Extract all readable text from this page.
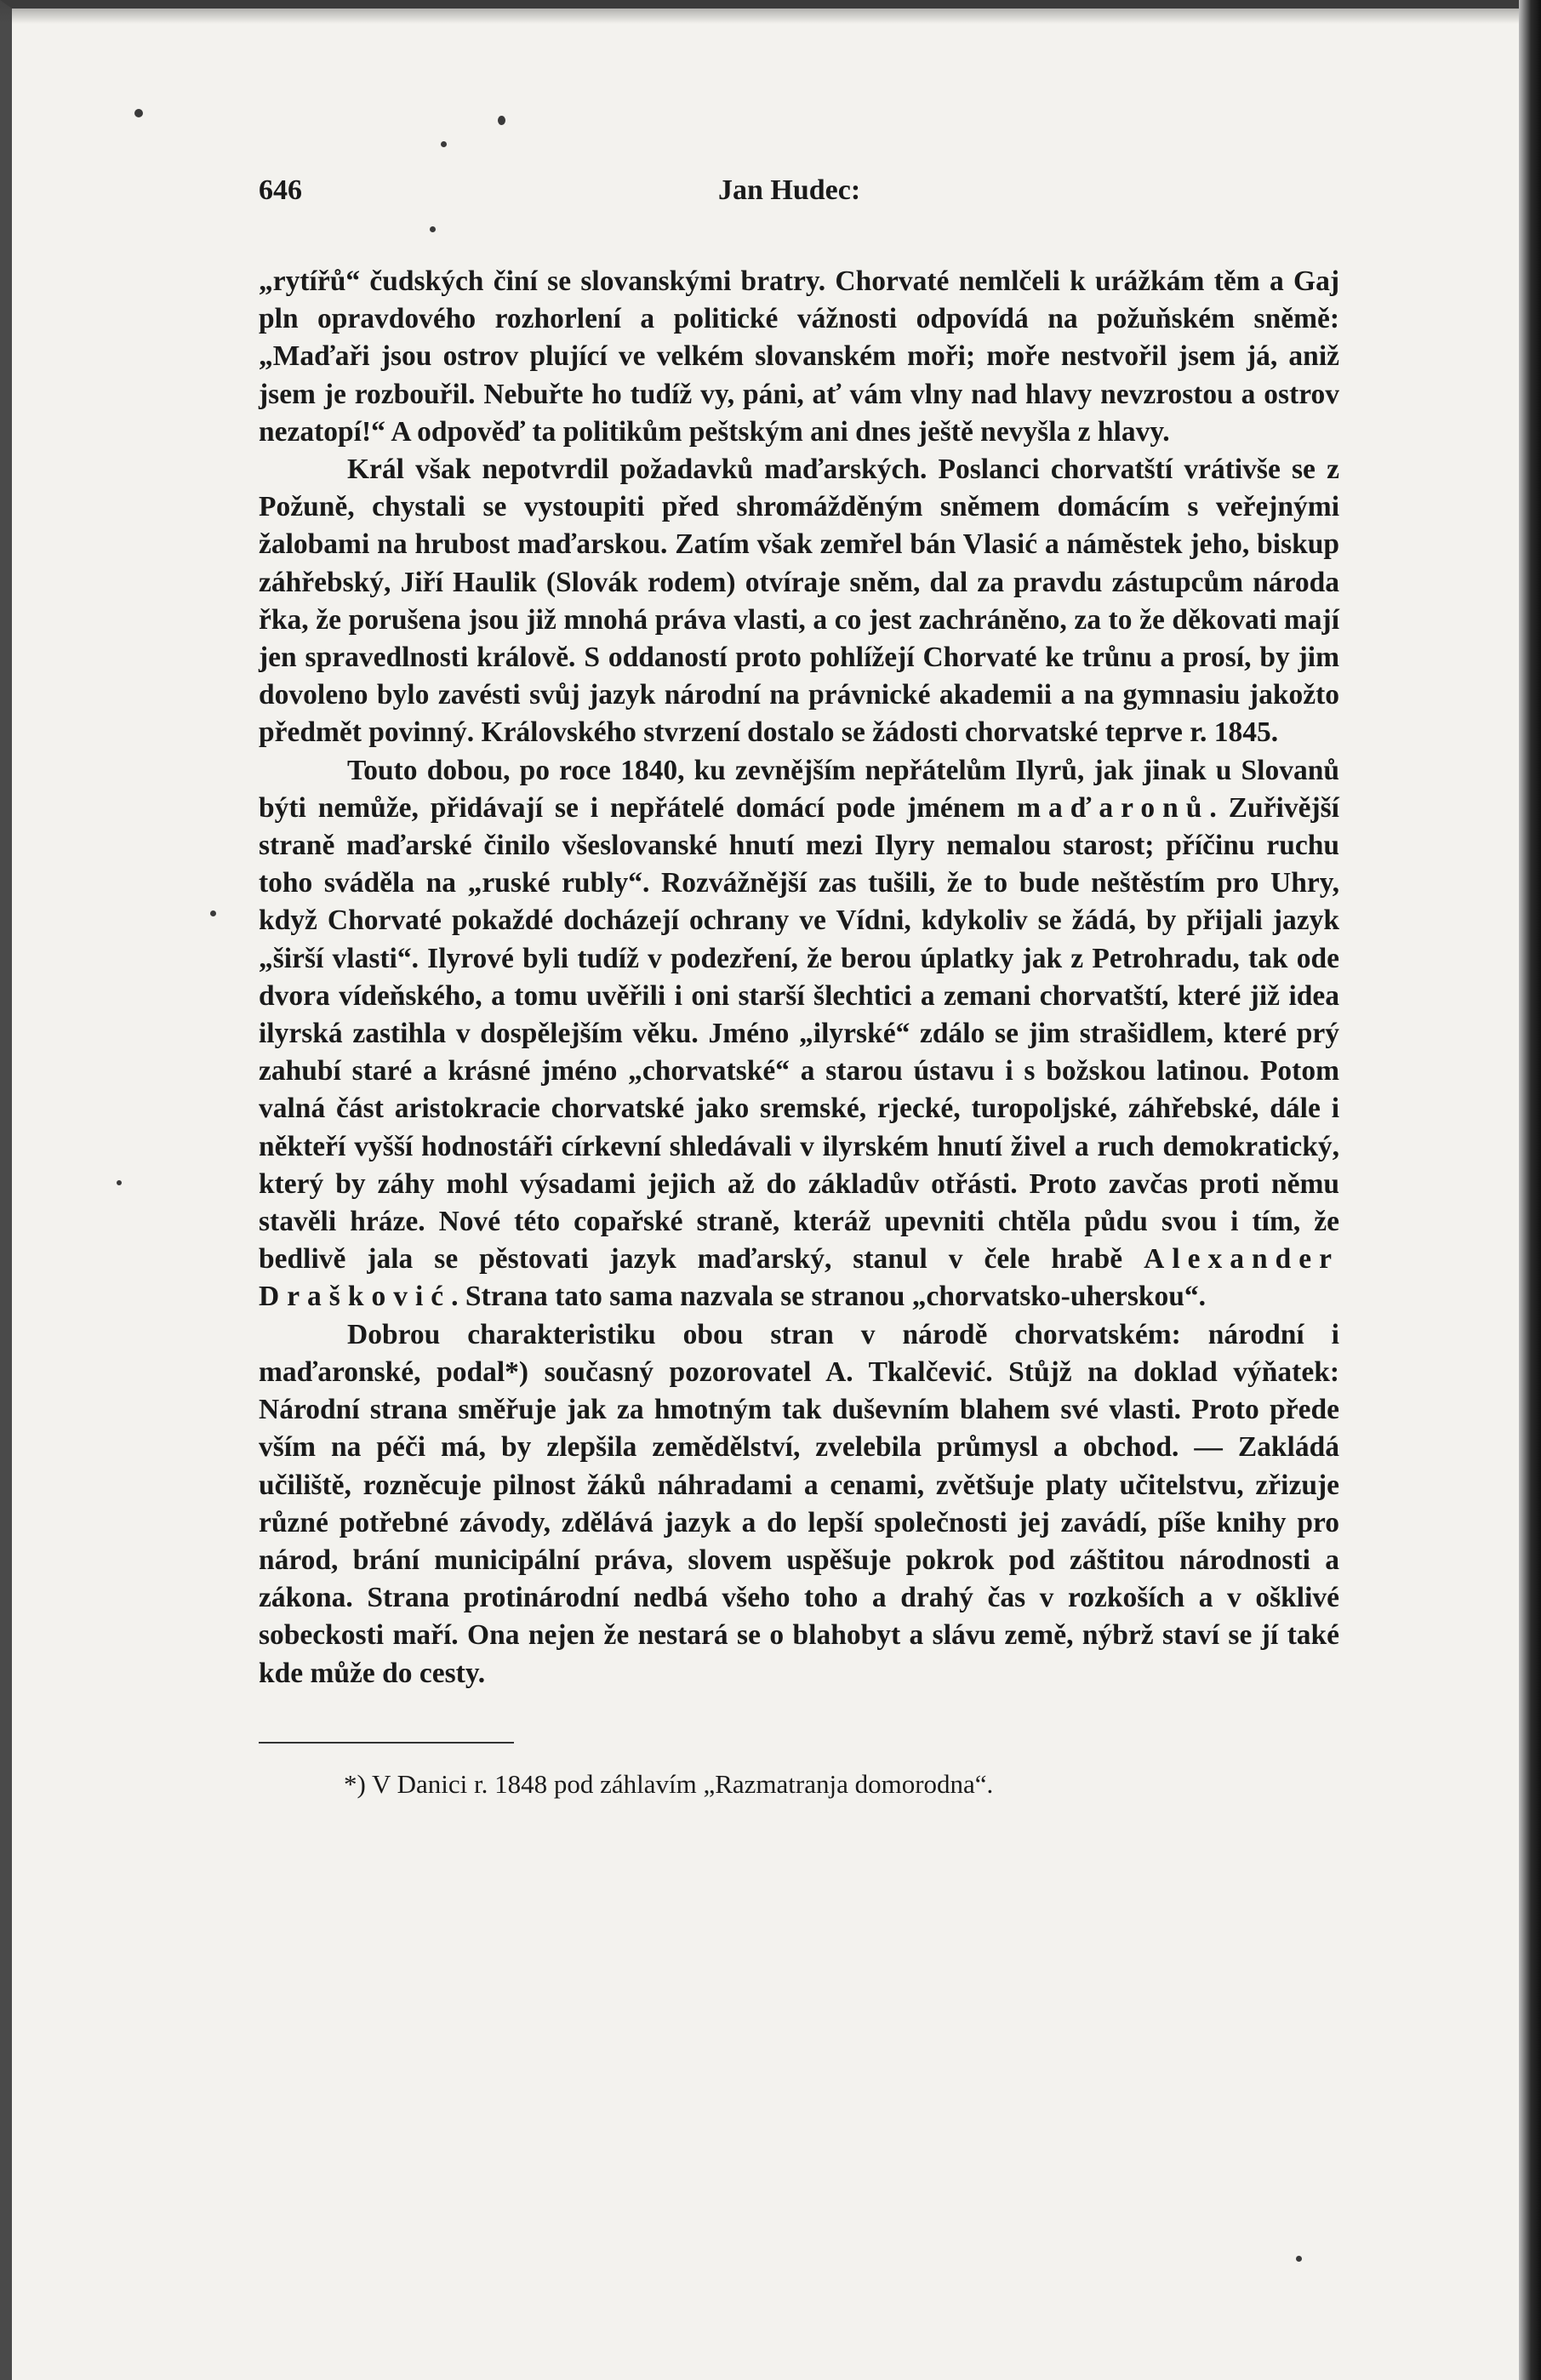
646	Jan Hudec:

„rytířů“ čudských činí se slovanskými bratry. Chorvaté nemlčeli k urážkám těm a Gaj pln opravdového rozhorlení a politické vážnosti odpovídá na požuňském sněmě: „Maďaři jsou ostrov plující ve velkém slovanském moři; moře nestvořil jsem já, aniž jsem je rozbouřil. Nebuřte ho tudíž vy, páni, ať vám vlny nad hlavy nevzrostou a ostrov nezatopí!“ A odpověď ta politikům peštským ani dnes ještě nevyšla z hlavy.

Král však nepotvrdil požadavků maďarských. Poslanci chorvatští vrátivše se z Požuně, chystali se vystoupiti před shromážděným sněmem domácím s veřejnými žalobami na hrubost maďarskou. Zatím však zemřel bán Vlasić a náměstek jeho, biskup záhřebský, Jiří Haulik (Slovák rodem) otvíraje sněm, dal za pravdu zástupcům národa řka, že porušena jsou již mnohá práva vlasti, a co jest zachráněno, za to že děkovati mají jen spravedlnosti královĕ. S oddaností proto pohlížejí Chorvaté ke trůnu a prosí, by jim dovoleno bylo zavésti svůj jazyk národní na právnické akademii a na gymnasiu jakožto předmět povinný. Královského stvrzení dostalo se žádosti chorvatské teprve r. 1845.

Touto dobou, po roce 1840, ku zevnějším nepřátelům Ilyrů, jak jinak u Slovanů býti nemůže, přidávají se i nepřátelé domácí pode jménem maďaronů. Zuřivější straně maďarské činilo všeslovanské hnutí mezi Ilyry nemalou starost; příčinu ruchu toho sváděla na „ruské rubly“. Rozvážnější zas tušili, že to bude neštěstím pro Uhry, když Chorvaté pokaždé docházejí ochrany ve Vídni, kdykoliv se žádá, by přijali jazyk „širší vlasti“. Ilyrové byli tudíž v podezření, že berou úplatky jak z Petrohradu, tak ode dvora vídeňského, a tomu uvěřili i oni starší šlechtici a zemani chorvatští, které již idea ilyrská zastihla v dospělejším věku. Jméno „ilyrské“ zdálo se jim strašidlem, které prý zahubí staré a krásné jméno „chorvatské“ a starou ústavu i s božskou latinou. Potom valná část aristokracie chorvatské jako sremské, rjecké, turopoljské, záhřebské, dále i někteří vyšší hodnostáři církevní shledávali v ilyrském hnutí živel a ruch demokratický, který by záhy mohl výsadami jejich až do základův otřásti. Proto zavčas proti němu stavěli hráze. Nové této copařské straně, kteráž upevniti chtěla půdu svou i tím, že bedlivě jala se pěstovati jazyk maďarský, stanul v čele hrabě Alexander Drašković. Strana tato sama nazvala se stranou „chorvatsko-uherskou“.

Dobrou charakteristiku obou stran v národě chorvatském: národní i maďaronské, podal*) současný pozorovatel A. Tkalčević. Stůjž na doklad výňatek: Národní strana směřuje jak za hmotným tak duševním blahem své vlasti. Proto přede vším na péči má, by zlepšila zemědělství, zvelebila průmysl a obchod. — Zakládá učiliště, rozněcuje pilnost žáků náhradami a cenami, zvětšuje platy učitelstvu, zřizuje různé potřebné závody, zdělává jazyk a do lepší společnosti jej zavádí, píše knihy pro národ, brání municipální práva, slovem uspěšuje pokrok pod záštitou národnosti a zákona. Strana protinárodní nedbá všeho toho a drahý čas v rozkoších a v ošklivé sobeckosti maří. Ona nejen že nestará se o blahobyt a slávu země, nýbrž staví se jí také kde může do cesty.

*) V Danici r. 1848 pod záhlavím „Razmatranja domorodna“.
